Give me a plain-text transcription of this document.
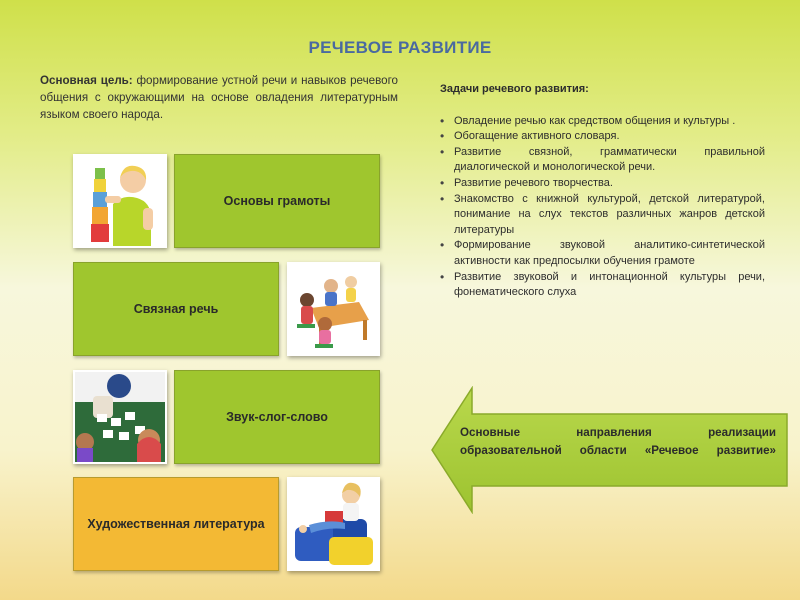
РЕЧЕВОЕ РАЗВИТИЕ
Основная цель: формирование устной речи и навыков речевого общения с окружающими на основе овладения литературным языком своего народа.
Задачи речевого развития:
• Овладение речью как средством общения и культуры .
• Обогащение активного словаря.
• Развитие связной, грамматически правильной диалогической и монологической речи.
• Развитие речевого творчества.
• Знакомство с книжной культурой, детской литературой, понимание на слух текстов различных жанров детской литературы
• Формирование звуковой аналитико-синтетической активности как предпосылки обучения грамоте
• Развитие звуковой и интонационной культуры речи, фонематического слуха
Основы грамоты
Связная речь
Звук-слог-слово
Художественная литература
Основные направления реализации
образовательной области «Речевое развитие»
